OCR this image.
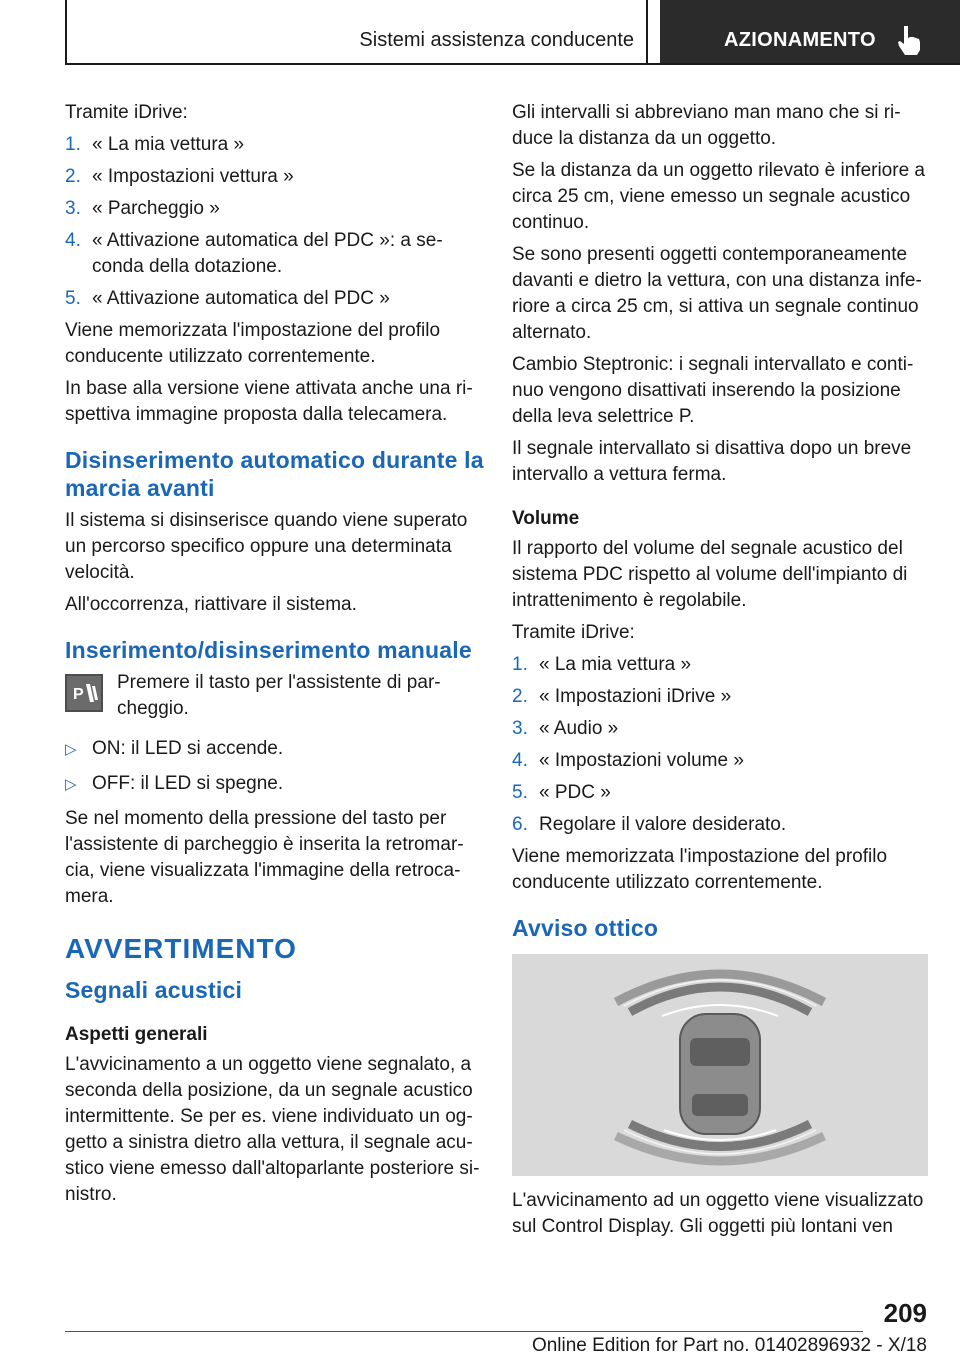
Sistemi assistenza conducente	AZIONAMENTO

Tramite iDrive:

1. « La mia vettura »
2. « Impostazioni vettura »
3. « Parcheggio »
4. « Attivazione automatica del PDC »: a seconda della dotazione.
5. « Attivazione automatica del PDC »

Viene memorizzata l'impostazione del profilo conducente utilizzato correntemente.

In base alla versione viene attivata anche una rispettiva immagine proposta dalla telecamera.

Disinserimento automatico durante la marcia avanti

Il sistema si disinserisce quando viene superato un percorso specifico oppure una determinata velocità.

All'occorrenza, riattivare il sistema.

Inserimento/disinserimento manuale
P
Premere il tasto per l'assistente di parcheggio.
▷ ON: il LED si accende.
▷ OFF: il LED si spegne.

Se nel momento della pressione del tasto per l'assistente di parcheggio è inserita la retromarcia, viene visualizzata l'immagine della retrocamera.

AVVERTIMENTO
Segnali acustici
Aspetti generali

L'avvicinamento a un oggetto viene segnalato, a seconda della posizione, da un segnale acustico intermittente. Se per es. viene individuato un oggetto a sinistra dietro alla vettura, il segnale acustico viene emesso dall'altoparlante posteriore sinistro.

Gli intervalli si abbreviano man mano che si riduce la distanza da un oggetto.

Se la distanza da un oggetto rilevato è inferiore a circa 25 cm, viene emesso un segnale acustico continuo.

Se sono presenti oggetti contemporaneamente davanti e dietro la vettura, con una distanza inferiore a circa 25 cm, si attiva un segnale continuo alternato.

Cambio Steptronic: i segnali intervallato e continuo vengono disattivati inserendo la posizione della leva selettrice P.

Il segnale intervallato si disattiva dopo un breve intervallo a vettura ferma.

Volume

Il rapporto del volume del segnale acustico del sistema PDC rispetto al volume dell'impianto di intrattenimento è regolabile.

Tramite iDrive:

1. « La mia vettura »
2. « Impostazioni iDrive »
3. « Audio »
4. « Impostazioni volume »
5. « PDC »
6. Regolare il valore desiderato.

Viene memorizzata l'impostazione del profilo conducente utilizzato correntemente.

Avviso ottico

L'avvicinamento ad un oggetto viene visualizzato sul Control Display. Gli oggetti più lontani ven

209
Online Edition for Part no. 01402896932 - X/18
